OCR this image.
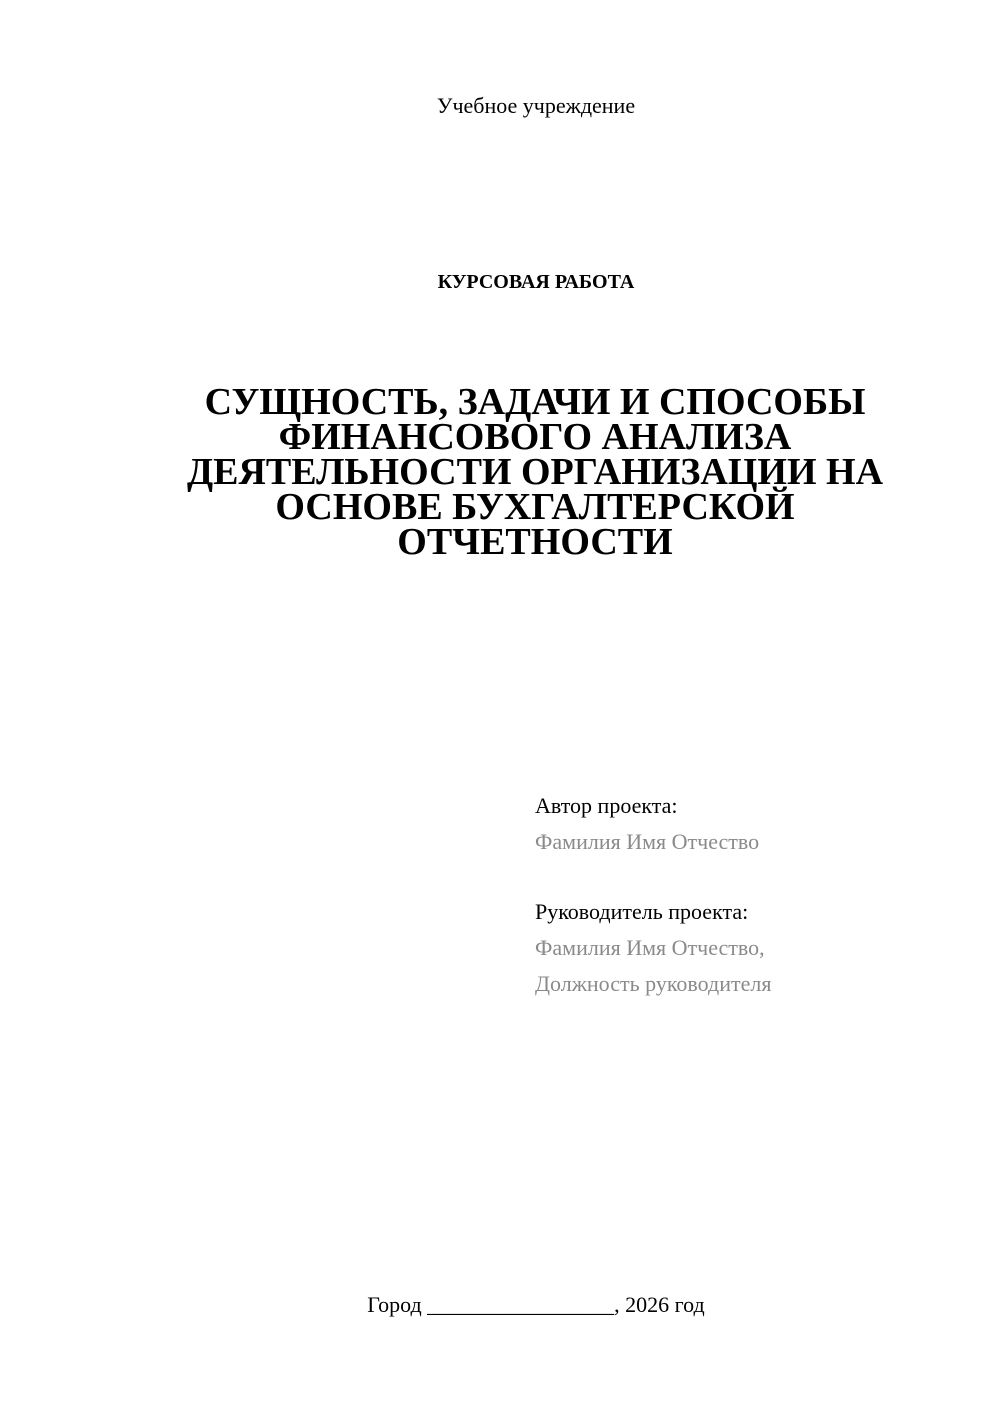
Учебное учреждение
КУРСОВАЯ РАБОТА
СУЩНОСТЬ, ЗАДАЧИ И СПОСОБЫ
ФИНАНСОВОГО АНАЛИЗА
ДЕЯТЕЛЬНОСТИ ОРГАНИЗАЦИИ НА
ОСНОВЕ БУХГАЛТЕРСКОЙ
ОТЧЕТНОСТИ
Автор проекта:
Фамилия Имя Отчество
Руководитель проекта:
Фамилия Имя Отчество,
Должность руководителя
Город _________________, 2026 год
